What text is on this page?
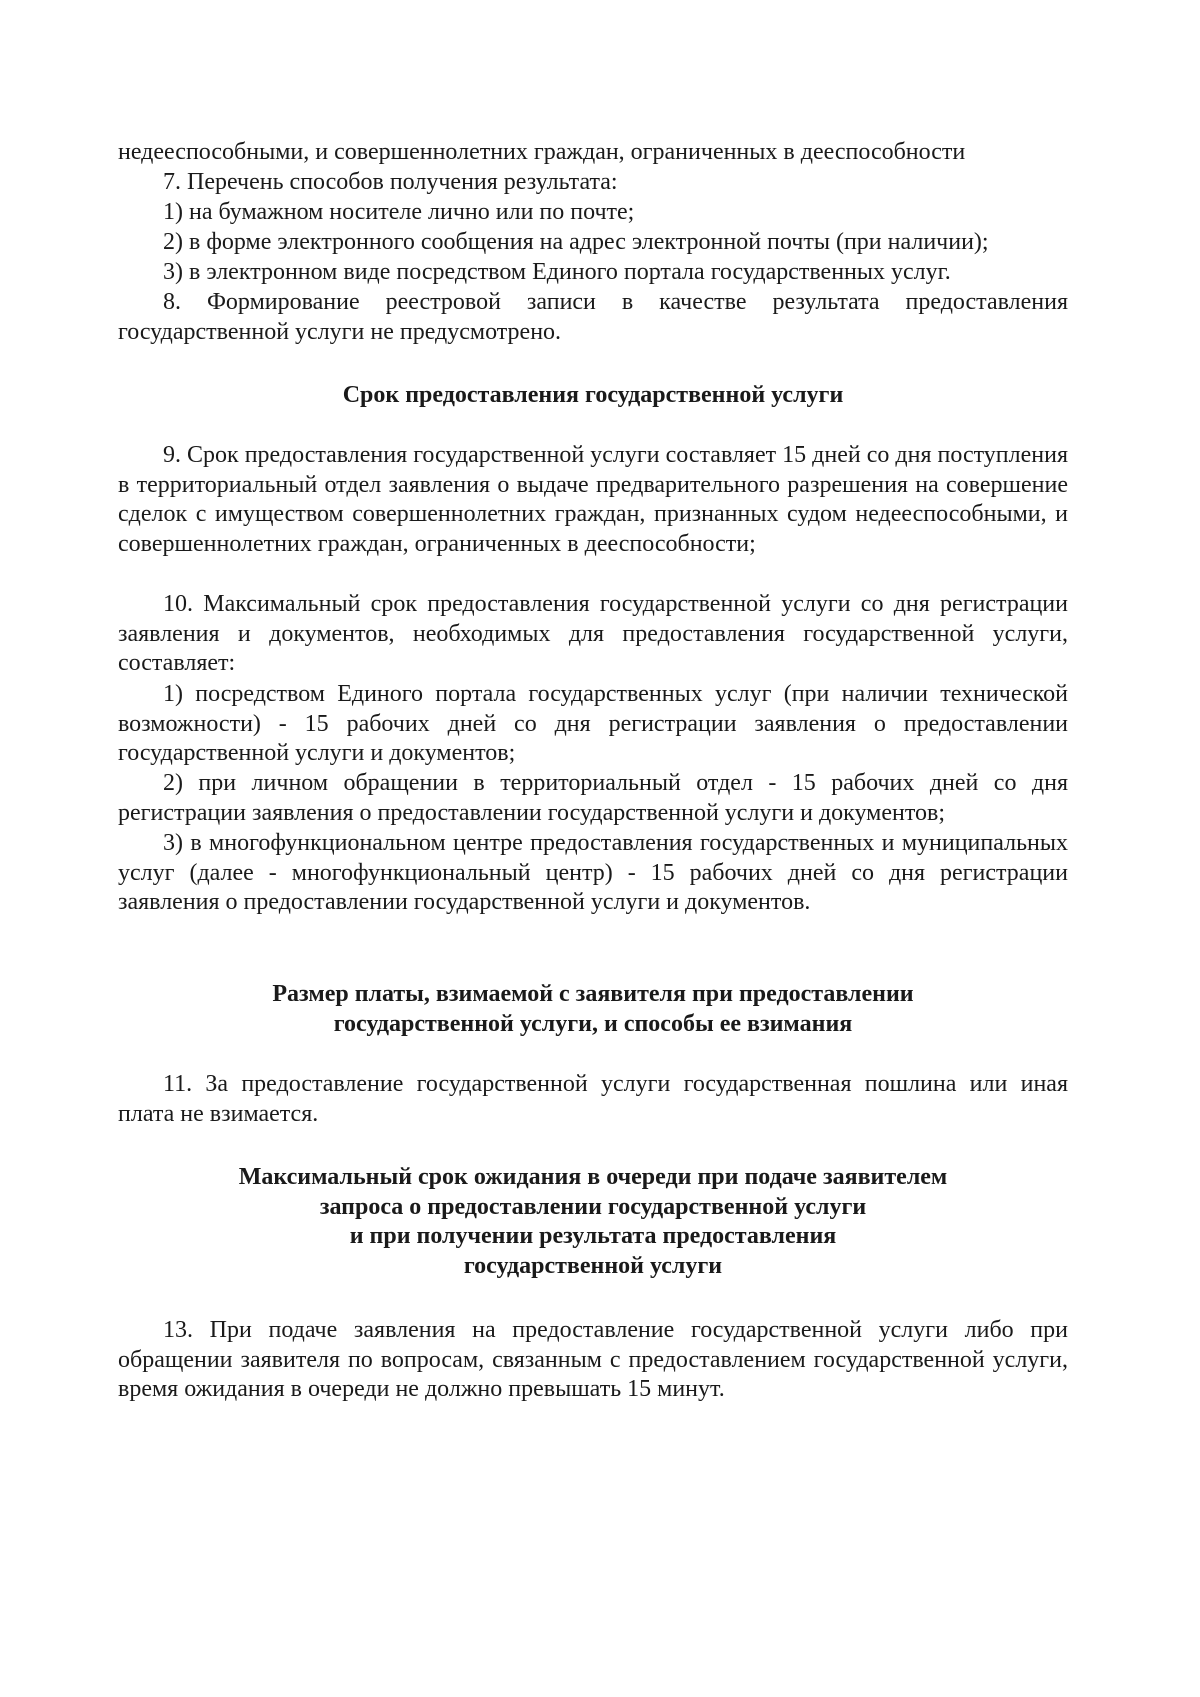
недееспособными, и совершеннолетних граждан, ограниченных в дееспособности

7. Перечень способов получения результата:

1) на бумажном носителе лично или по почте;

2) в форме электронного сообщения на адрес электронной почты (при наличии);

3) в электронном виде посредством Единого портала государственных услуг.

8. Формирование реестровой записи в качестве результата предоставления государственной услуги не предусмотрено.

Срок предоставления государственной услуги

9. Срок предоставления государственной услуги составляет 15 дней со дня поступления в территориальный отдел заявления о выдаче предварительного разрешения на совершение сделок с имуществом совершеннолетних граждан, признанных судом недееспособными, и совершеннолетних граждан, ограниченных в дееспособности;

10. Максимальный срок предоставления государственной услуги со дня регистрации заявления и документов, необходимых для предоставления государственной услуги, составляет:

1) посредством Единого портала государственных услуг (при наличии технической возможности) - 15 рабочих дней со дня регистрации заявления о предоставлении государственной услуги и документов;

2) при личном обращении в территориальный отдел - 15 рабочих дней со дня регистрации заявления о предоставлении государственной услуги и документов;

3) в многофункциональном центре предоставления государственных и муниципальных услуг (далее - многофункциональный центр) - 15 рабочих дней со дня регистрации заявления о предоставлении государственной услуги и документов.

Размер платы, взимаемой с заявителя при предоставлении
государственной услуги, и способы ее взимания

11. За предоставление государственной услуги государственная пошлина или иная плата не взимается.

Максимальный срок ожидания в очереди при подаче заявителем
запроса о предоставлении государственной услуги
и при получении результата предоставления
государственной услуги

13. При подаче заявления на предоставление государственной услуги либо при обращении заявителя по вопросам, связанным с предоставлением государственной услуги, время ожидания в очереди не должно превышать 15 минут.
